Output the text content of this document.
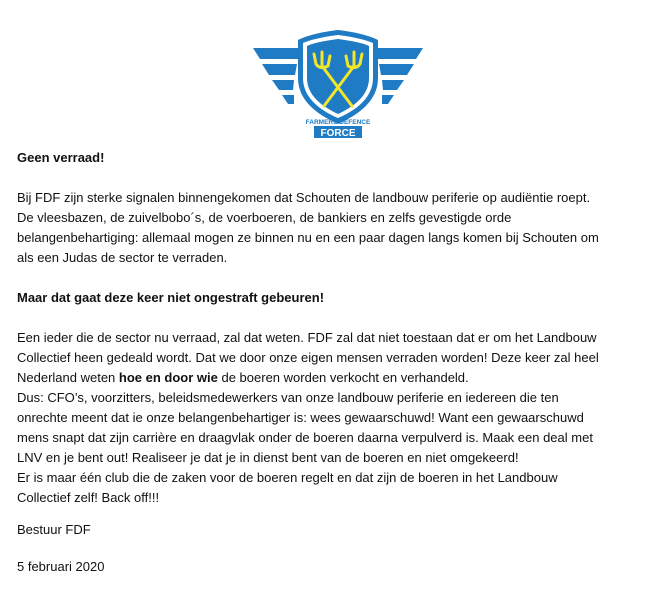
FARMERS DEFENCE
FORCE

Geen verraad!

Bij FDF zijn sterke signalen binnengekomen dat Schouten de landbouw periferie op audiëntie roept.

De vleesbazen, de zuivelbobo´s, de voerboeren, de bankiers en zelfs gevestigde orde

belangenbehartiging: allemaal mogen ze binnen nu en een paar dagen langs komen bij Schouten om

als een Judas de sector te verraden.

Maar dat gaat deze keer niet ongestraft gebeuren!

Een ieder die de sector nu verraad, zal dat weten. FDF zal dat niet toestaan dat er om het Landbouw

Collectief heen gedeald wordt. Dat we door onze eigen mensen verraden worden! Deze keer zal heel

Nederland weten hoe en door wie de boeren worden verkocht en verhandeld.

Dus: CFO’s, voorzitters, beleidsmedewerkers van onze landbouw periferie en iedereen die ten

onrechte meent dat ie onze belangenbehartiger is: wees gewaarschuwd! Want een gewaarschuwd

mens snapt dat zijn carrière en draagvlak onder de boeren daarna verpulverd is. Maak een deal met

LNV en je bent out! Realiseer je dat je in dienst bent van de boeren en niet omgekeerd!

Er is maar één club die de zaken voor de boeren regelt en dat zijn de boeren in het Landbouw

Collectief zelf! Back off!!!

Bestuur FDF

5 februari 2020
